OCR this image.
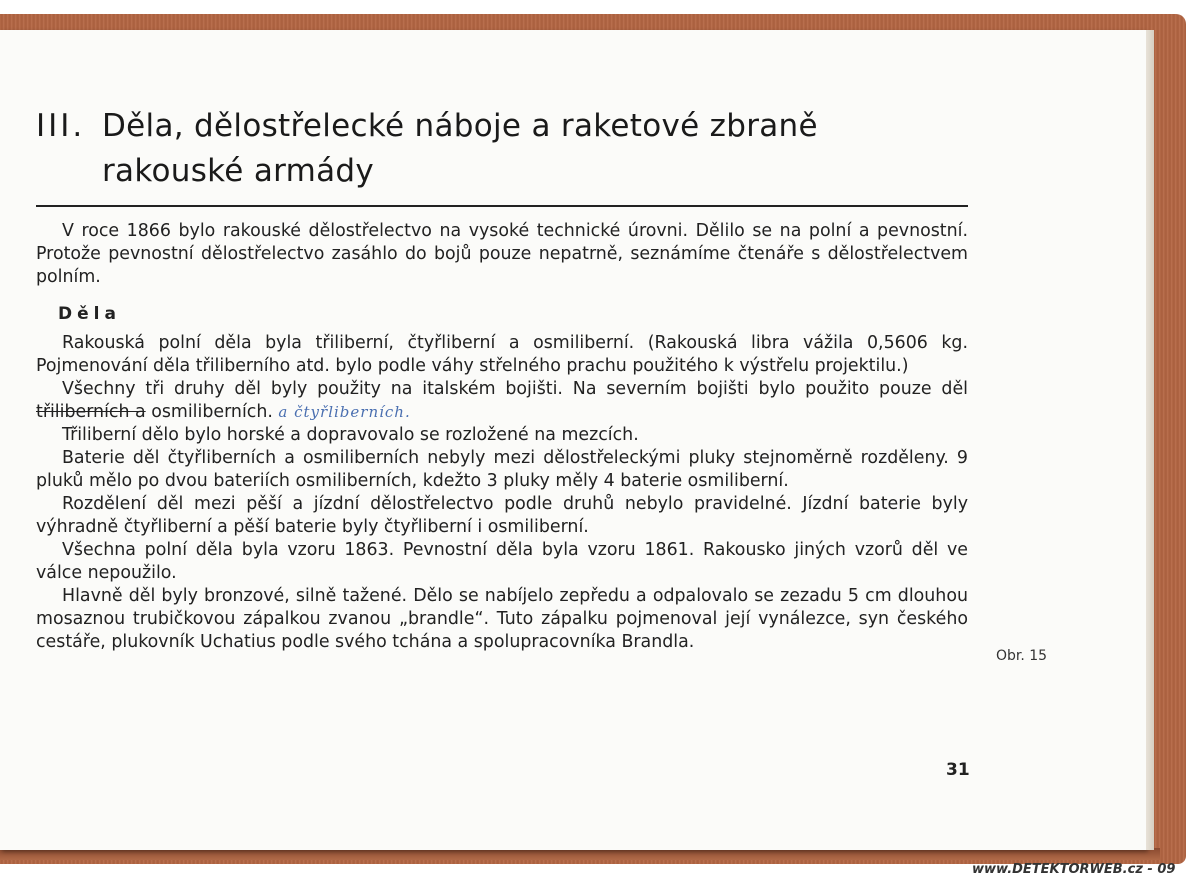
III. Děla, dělostřelecké náboje a raketové zbraně
rakouské armády

V roce 1866 bylo rakouské dělostřelectvo na vysoké technické úrovni. Dělilo se na polní a pevnostní. Protože pevnostní dělostřelectvo zasáhlo do bojů pouze nepatrně, seznámíme čtenáře s dělostřelectvem polním.

Děla

Rakouská polní děla byla třiliberní, čtyřliberní a osmiliberní. (Rakouská libra vážila 0,5606 kg. Pojmenování děla třiliberního atd. bylo podle váhy střelného prachu použitého k výstřelu projektilu.)

Všechny tři druhy děl byly použity na italském bojišti. Na severním bojišti bylo použito pouze děl třiliberních a osmiliberních. a čtyřliberních.

Třiliberní dělo bylo horské a dopravovalo se rozložené na mezcích.

Baterie děl čtyřliberních a osmiliberních nebyly mezi dělostřeleckými pluky stejnoměrně rozděleny. 9 pluků mělo po dvou bateriích osmiliberních, kdežto 3 pluky měly 4 baterie osmiliberní.

Rozdělení děl mezi pěší a jízdní dělostřelectvo podle druhů nebylo pravidelné. Jízdní baterie byly výhradně čtyřliberní a pěší baterie byly čtyřliberní i osmiliberní.

Všechna polní děla byla vzoru 1863. Pevnostní děla byla vzoru 1861. Rakousko jiných vzorů děl ve válce nepoužilo.

Hlavně děl byly bronzové, silně tažené. Dělo se nabíjelo zepředu a odpalovalo se zezadu 5 cm dlouhou mosaznou trubičkovou zápalkou zvanou „brandle“. Tuto zápalku pojmenoval její vynálezce, syn českého cestáře, plukovník Uchatius podle svého tchána a spolupracovníka Brandla.

Obr. 15
31
www.DETEKTORWEB.cz - 09
